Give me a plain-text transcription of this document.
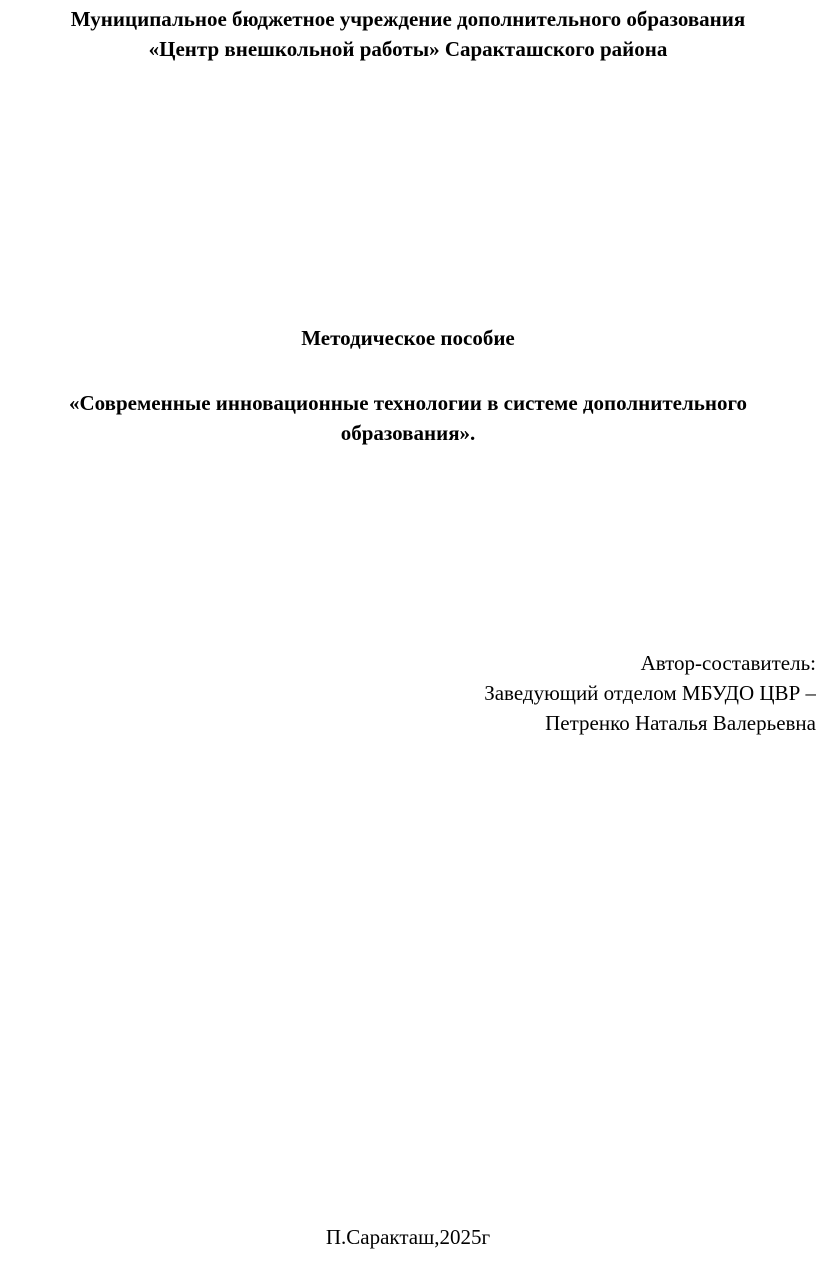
Муниципальное бюджетное учреждение дополнительного образования
«Центр внешкольной работы» Саракташского района
Методическое пособие
«Современные инновационные технологии в системе дополнительного
образования».
Автор-составитель:
Заведующий отделом МБУДО ЦВР –
Петренко Наталья Валерьевна
П.Саракташ,2025г
